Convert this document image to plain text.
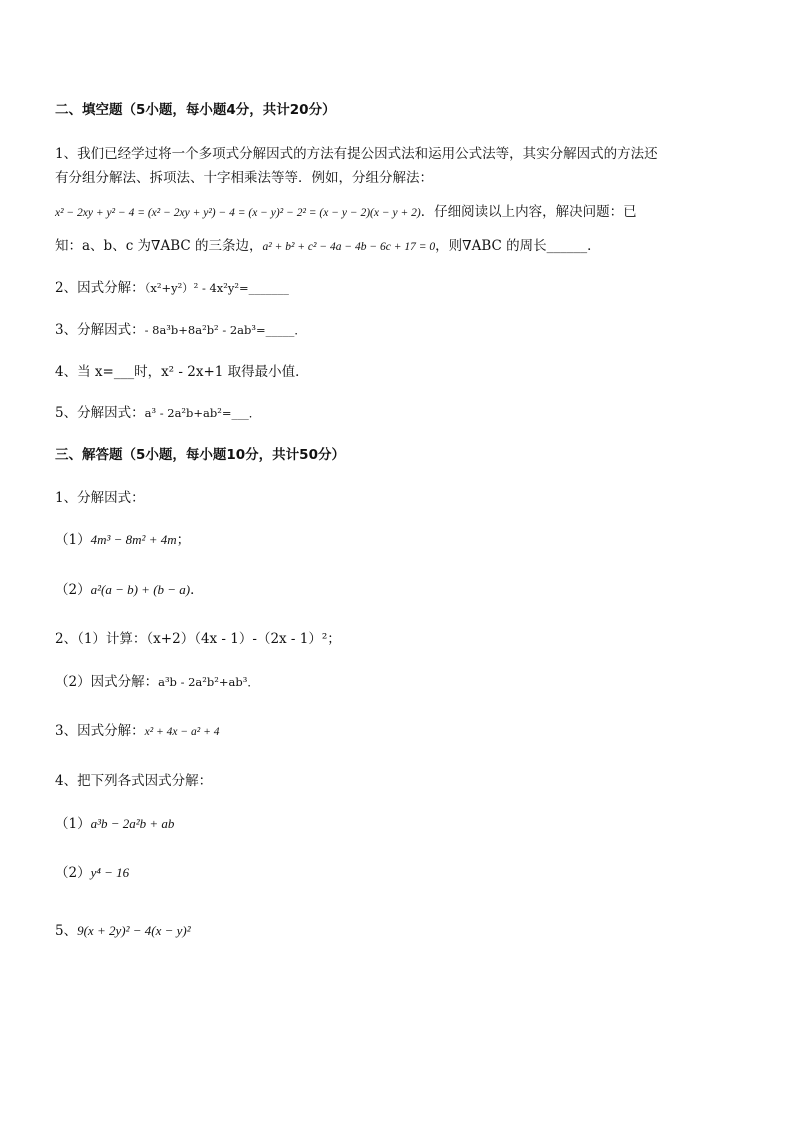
二、填空题（5小题，每小题4分，共计20分）
1、我们已经学过将一个多项式分解因式的方法有提公因式法和运用公式法等，其实分解因式的方法还
有分组分解法、拆项法、十字相乘法等等．例如，分组分解法：
x² − 2xy + y² − 4 = (x² − 2xy + y²) − 4 = (x − y)² − 2² = (x − y − 2)(x − y + 2)．仔细阅读以上内容，解决问题：已
知：a、b、c 为∇ABC 的三条边，a² + b² + c² − 4a − 4b − 6c + 17 = 0，则∇ABC 的周长______．
2、因式分解：（x²+y²）² - 4x²y²=_______
3、分解因式：- 8a³b+8a²b² - 2ab³=_____．
4、当 x=___时，x² - 2x+1 取得最小值．
5、分解因式：a³ - 2a²b+ab²=___．
三、解答题（5小题，每小题10分，共计50分）
1、分解因式：
（1）4m³ − 8m² + 4m；
（2）a²(a − b) + (b − a)．
2、（1）计算：（x+2）（4x - 1）-（2x - 1）²；
（2）因式分解：a³b - 2a²b²+ab³．
3、因式分解：x² + 4x − a² + 4
4、把下列各式因式分解：
（1）a³b − 2a²b + ab
（2）y⁴ − 16
5、9(x + 2y)² − 4(x − y)²
